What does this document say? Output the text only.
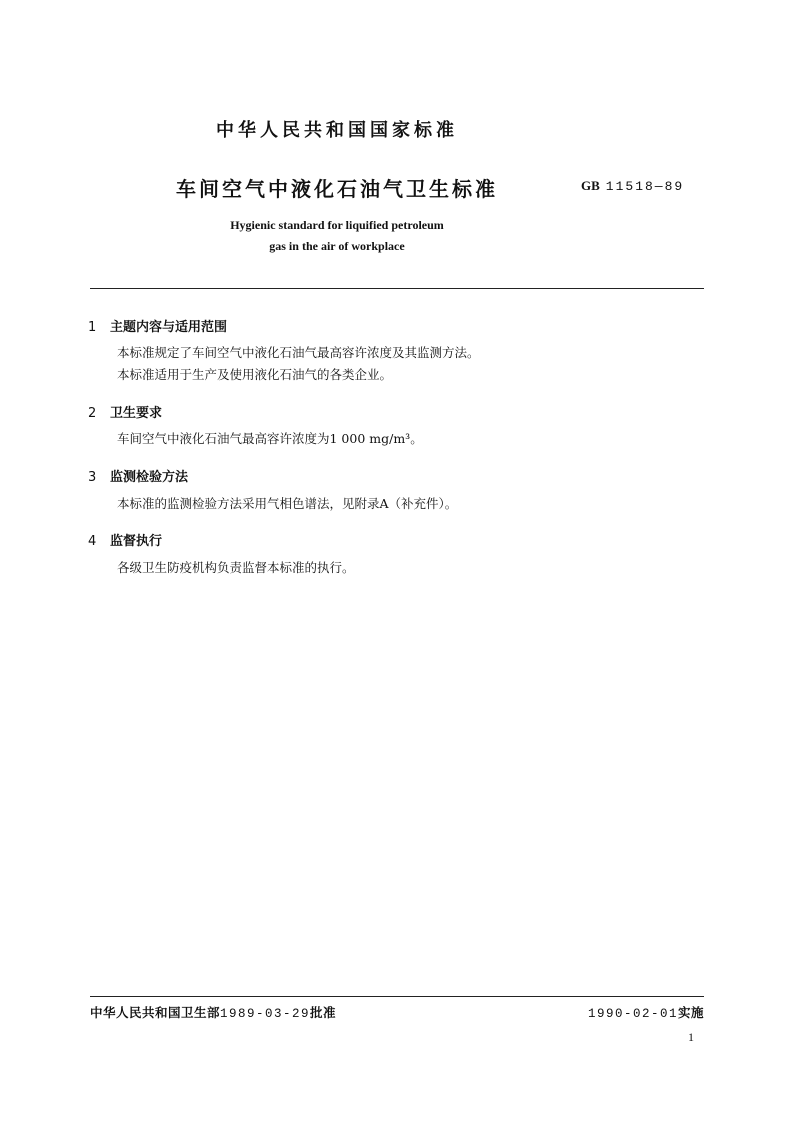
中华人民共和国国家标准
车间空气中液化石油气卫生标准	GB 11518—89
Hygienic standard for liquified petroleum
gas in the air of workplace
1	主题内容与适用范围
本标准规定了车间空气中液化石油气最高容许浓度及其监测方法。
本标准适用于生产及使用液化石油气的各类企业。
2	卫生要求
车间空气中液化石油气最高容许浓度为1 000 mg/m³。
3	监测检验方法
本标准的监测检验方法采用气相色谱法，见附录A（补充件）。
4	监督执行
各级卫生防疫机构负责监督本标准的执行。
中华人民共和国卫生部1989-03-29批准	1990-02-01实施
1
